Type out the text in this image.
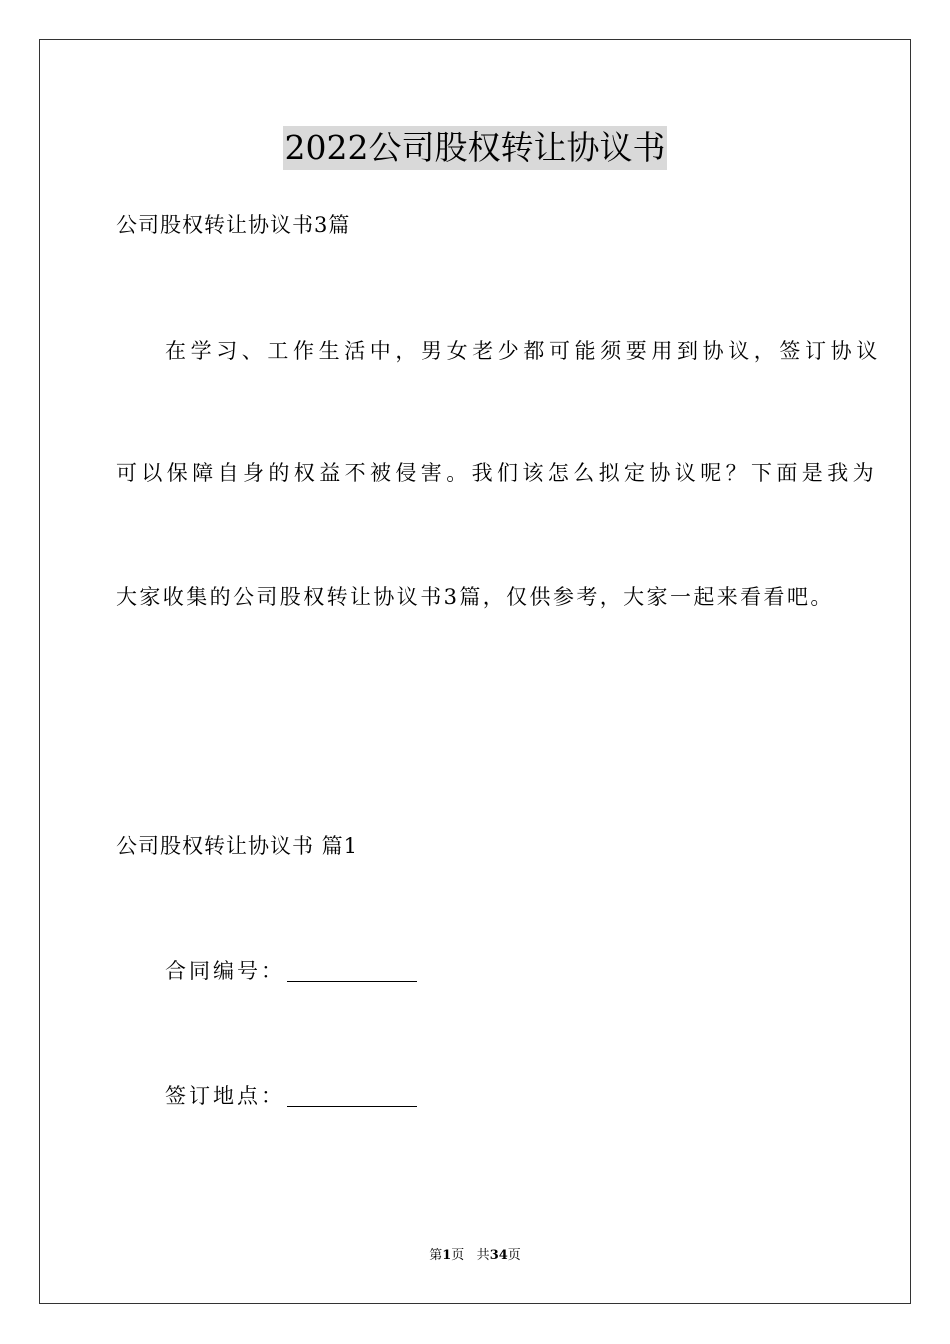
2022公司股权转让协议书
公司股权转让协议书3篇
在学习、工作生活中，男女老少都可能须要用到协议，签订协议
可以保障自身的权益不被侵害。我们该怎么拟定协议呢？下面是我为
大家收集的公司股权转让协议书3篇，仅供参考，大家一起来看看吧。
公司股权转让协议书 篇1
合同编号：
签订地点：
第1页 共34页
